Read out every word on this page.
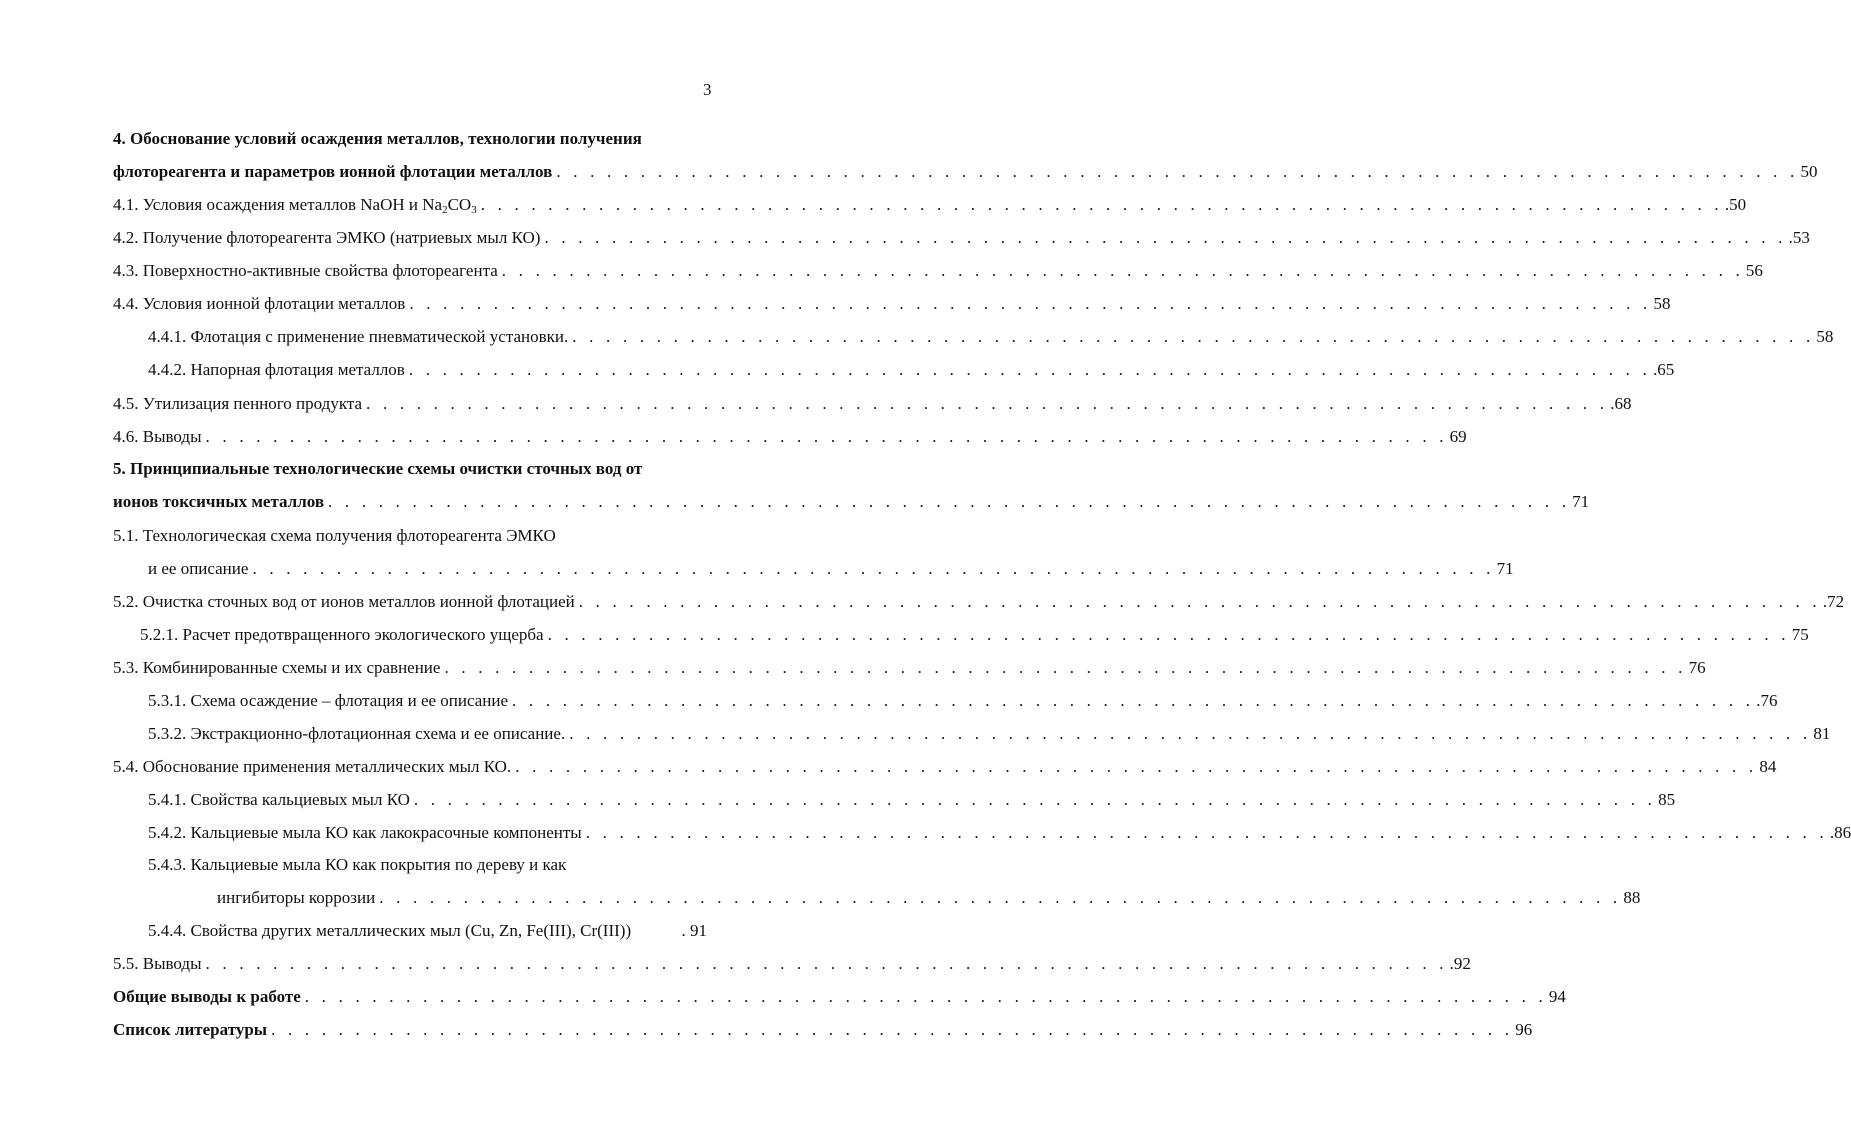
3
4. Обоснование условий осаждения металлов, технологии получения
флотореагента и параметров ионной флотации металлов . . . . . . . . . . . . . . . . . . . . . . . . . . . . . . . . . . . . . . . . . . . . . . . . . . . . . . . . . . . . . . . . . . . . . . . . . . 50
4.1. Условия осаждения металлов NaOH и $Na_2CO_3$ . . . . . . . . . . . . . . . . . . . . . . . . . . . . . . . . . . . . . . . . . . . . . . . . . . . . . . . . . . . . . . . . . . . . . . . . . . .50
4.2. Получение флотореагента ЭМКО (натриевых мыл КО) . . . . . . . . . . . . . . . . . . . . . . . . . . . . . . . . . . . . . . . . . . . . . . . . . . . . . . . . . . . . . . . . . . . . . . . . . . .53
4.3. Поверхностно-активные свойства флотореагента . . . . . . . . . . . . . . . . . . . . . . . . . . . . . . . . . . . . . . . . . . . . . . . . . . . . . . . . . . . . . . . . . . . . . . . . . . 56
4.4. Условия ионной флотации металлов . . . . . . . . . . . . . . . . . . . . . . . . . . . . . . . . . . . . . . . . . . . . . . . . . . . . . . . . . . . . . . . . . . . . . . . . . . 58
4.4.1. Флотация с применение пневматической установки. . . . . . . . . . . . . . . . . . . . . . . . . . . . . . . . . . . . . . . . . . . . . . . . . . . . . . . . . . . . . . . . . . . . . . . . . . . 58
4.4.2. Напорная флотация металлов . . . . . . . . . . . . . . . . . . . . . . . . . . . . . . . . . . . . . . . . . . . . . . . . . . . . . . . . . . . . . . . . . . . . . . . . . . .65
4.5. Утилизация пенного продукта . . . . . . . . . . . . . . . . . . . . . . . . . . . . . . . . . . . . . . . . . . . . . . . . . . . . . . . . . . . . . . . . . . . . . . . . . . .68
4.6. Выводы . . . . . . . . . . . . . . . . . . . . . . . . . . . . . . . . . . . . . . . . . . . . . . . . . . . . . . . . . . . . . . . . . . . . . . . . . . 69
5. Принципиальные технологические схемы очистки сточных вод от
ионов токсичных металлов . . . . . . . . . . . . . . . . . . . . . . . . . . . . . . . . . . . . . . . . . . . . . . . . . . . . . . . . . . . . . . . . . . . . . . . . . . 71
5.1. Технологическая схема получения флотореагента ЭМКО
и ее описание . . . . . . . . . . . . . . . . . . . . . . . . . . . . . . . . . . . . . . . . . . . . . . . . . . . . . . . . . . . . . . . . . . . . . . . . . . 71
5.2. Очистка сточных вод от ионов металлов ионной флотацией . . . . . . . . . . . . . . . . . . . . . . . . . . . . . . . . . . . . . . . . . . . . . . . . . . . . . . . . . . . . . . . . . . . . . . . . . . .72
5.2.1. Расчет предотвращенного экологического ущерба . . . . . . . . . . . . . . . . . . . . . . . . . . . . . . . . . . . . . . . . . . . . . . . . . . . . . . . . . . . . . . . . . . . . . . . . . . 75
5.3. Комбинированные схемы и их сравнение . . . . . . . . . . . . . . . . . . . . . . . . . . . . . . . . . . . . . . . . . . . . . . . . . . . . . . . . . . . . . . . . . . . . . . . . . . 76
5.3.1. Схема осаждение – флотация и ее описание . . . . . . . . . . . . . . . . . . . . . . . . . . . . . . . . . . . . . . . . . . . . . . . . . . . . . . . . . . . . . . . . . . . . . . . . . . .76
5.3.2. Экстракционно-флотационная схема и ее описание. . . . . . . . . . . . . . . . . . . . . . . . . . . . . . . . . . . . . . . . . . . . . . . . . . . . . . . . . . . . . . . . . . . . . . . . . . . 81
5.4. Обоснование применения металлических мыл КО. . . . . . . . . . . . . . . . . . . . . . . . . . . . . . . . . . . . . . . . . . . . . . . . . . . . . . . . . . . . . . . . . . . . . . . . . . . 84
5.4.1. Свойства кальциевых мыл КО . . . . . . . . . . . . . . . . . . . . . . . . . . . . . . . . . . . . . . . . . . . . . . . . . . . . . . . . . . . . . . . . . . . . . . . . . . 85
5.4.2. Кальциевые мыла КО как лакокрасочные компоненты . . . . . . . . . . . . . . . . . . . . . . . . . . . . . . . . . . . . . . . . . . . . . . . . . . . . . . . . . . . . . . . . . . . . . . . . . . .86
5.4.3. Кальциевые мыла КО как покрытия по дереву и как
ингибиторы коррозии . . . . . . . . . . . . . . . . . . . . . . . . . . . . . . . . . . . . . . . . . . . . . . . . . . . . . . . . . . . . . . . . . . . . . . . . . . 88
5.4.4. Свойства других металлических мыл (Cu, Zn, Fe(III), Cr(III))	. 91
5.5. Выводы . . . . . . . . . . . . . . . . . . . . . . . . . . . . . . . . . . . . . . . . . . . . . . . . . . . . . . . . . . . . . . . . . . . . . . . . . . .92
Общие выводы к работе . . . . . . . . . . . . . . . . . . . . . . . . . . . . . . . . . . . . . . . . . . . . . . . . . . . . . . . . . . . . . . . . . . . . . . . . . . 94
Список литературы . . . . . . . . . . . . . . . . . . . . . . . . . . . . . . . . . . . . . . . . . . . . . . . . . . . . . . . . . . . . . . . . . . . . . . . . . . 96
